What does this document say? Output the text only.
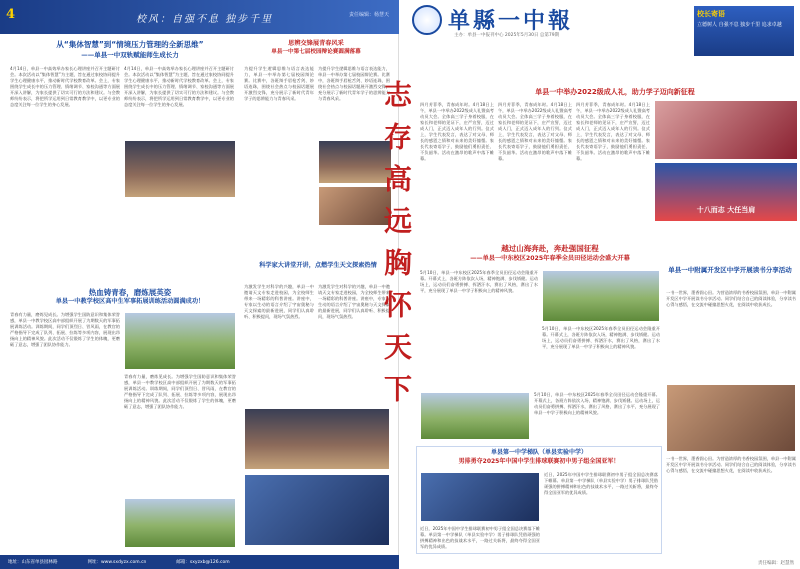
4	校风：自强不息 独步千里	责任编辑：杨慧天
从“集体智慧”到“情境压力管理的全新思维”
——单县一中双轨赋能师生成长力
4月14日，单县一中高效举办家长心理讲座并召开主题研讨会。本次活动以“集体智慧”为主题，旨在通过家校协同提升学生心理健康水平，推动新时代学校教育改革。会上，专家围绕学生成长中的压力管理、情绪调节、家校沟通等方面展开深入讲解，为家长提供了切实可行的方法和建议。与会教师纷纷表示，将把所学运用到日常教育教学中，以更专业的态度关注每一位学生的身心发展。
4月14日，单县一中高效举办家长心理讲座并召开主题研讨会。本次活动以“集体智慧”为主题，旨在通过家校协同提升学生心理健康水平，推动新时代学校教育改革。会上，专家围绕学生成长中的压力管理、情绪调节、家校沟通等方面展开深入讲解，为家长提供了切实可行的方法和建议。与会教师纷纷表示，将把所学运用到日常教育教学中，以更专业的态度关注每一位学生的身心发展。
思辨交锋展青春风采
单县一中第七届校园辩论赛圆满落幕
为提升学生逻辑思维与语言表达能力，单县一中举办第七届校园辩论赛。比赛中，各班辩手唇枪舌剑、妙语连珠，围绕社会热点与校园话题展开激烈交锋，充分展示了新时代青年学子的思辨能力与青春风采。
为提升学生逻辑思维与语言表达能力，单县一中举办第七届校园辩论赛。比赛中，各班辩手唇枪舌剑、妙语连珠，围绕社会热点与校园话题展开激烈交锋，充分展示了新时代青年学子的思辨能力与青春风采。
热血铸青春，磨炼展英姿
单县一中教学校区高中生军事拓展训练活动圆满成功！
青春有力量，磨炼见成长。为增强学生国防意识和集体荣誉感，单县一中教学校区高中部组织开展了为期数天的军事拓展训练活动。训练期间，同学们顶烈日、冒风雨，在教官的严格指导下完成了队列、拓展、拉练等多项内容，展现出昂扬向上的精神风貌。此次活动不仅锻炼了学生的体魄，更磨砺了意志，增强了团队协作能力。
青春有力量，磨炼见成长。为增强学生国防意识和集体荣誉感，单县一中教学校区高中部组织开展了为期数天的军事拓展训练活动。训练期间，同学们顶烈日、冒风雨，在教官的严格指导下完成了队列、拓展、拉练等多项内容，展现出昂扬向上的精神风貌。此次活动不仅锻炼了学生的体魄，更磨砺了意志，增强了团队协作能力。
科学家大讲堂开讲，点燃学生天文探索热情
为激发学生对科学的兴趣，单县一中邀请天文专家走进校园，为全校师生带来一场精彩的科普讲座。讲座中，专家以生动的语言介绍了宇宙奥秘与天文探索的最新进展，同学们认真聆听、积极提问，现场气氛热烈。
为激发学生对科学的兴趣，单县一中邀请天文专家走进校园，为全校师生带来一场精彩的科普讲座。讲座中，专家以生动的语言介绍了宇宙奥秘与天文探索的最新进展，同学们认真聆听、积极提问，现场气氛热烈。
地址：山东省单县园林路	网址：www.sxdyzx.com.cn	邮箱：sxyzxb@126.com
单縣一中報
主办：单县一中报刊中心 2025年5月30日 总第79期
校长寄语
立德树人 自强不息 独步千里 追求卓越
志存高远胸怀天下	单县一中举办2022级成人礼，助力学子迈向新征程
四月芳菲季，青春成年时。4月18日上午，单县一中举办2022级成人礼暨高考动员大会。全体高三学子身着校服，在家长和老师的见证下，庄严宣誓，迈过成人门，正式迈入成年人的行列。仪式上，学生代表发言，表达了对父母、师长的感恩之情和对未来的美好憧憬。家长代表寄语学子，鼓励他们勇担责任、不负韶华。活动在激昂的歌声中落下帷幕。
四月芳菲季，青春成年时。4月18日上午，单县一中举办2022级成人礼暨高考动员大会。全体高三学子身着校服，在家长和老师的见证下，庄严宣誓，迈过成人门，正式迈入成年人的行列。仪式上，学生代表发言，表达了对父母、师长的感恩之情和对未来的美好憧憬。家长代表寄语学子，鼓励他们勇担责任、不负韶华。活动在激昂的歌声中落下帷幕。
四月芳菲季，青春成年时。4月18日上午，单县一中举办2022级成人礼暨高考动员大会。全体高三学子身着校服，在家长和老师的见证下，庄严宣誓，迈过成人门，正式迈入成年人的行列。仪式上，学生代表发言，表达了对父母、师长的感恩之情和对未来的美好憧憬。家长代表寄语学子，鼓励他们勇担责任、不负韶华。活动在激昂的歌声中落下帷幕。
十八而志 大任当肩
越过山海奔赴，奔赴强国征程
——单县一中东校区2025年春季全员田径运动会盛大开幕
5月10日，单县一中东校区2025年春季全员田径运动会隆重开幕。开幕式上，各班方阵依次入场，精神饱满、步伐矫健。运动场上，运动员们奋勇拼搏、挥洒汗水，赛出了风格，赛出了水平，充分展现了单县一中学子积极向上的精神风貌。
5月10日，单县一中东校区2025年春季全员田径运动会隆重开幕。开幕式上，各班方阵依次入场，精神饱满、步伐矫健。运动场上，运动员们奋勇拼搏、挥洒汗水，赛出了风格，赛出了水平，充分展现了单县一中学子积极向上的精神风貌。
5月10日，单县一中东校区2025年春季全员田径运动会隆重开幕。开幕式上，各班方阵依次入场，精神饱满、步伐矫健。运动场上，运动员们奋勇拼搏、挥洒汗水，赛出了风格，赛出了水平，充分展现了单县一中学子积极向上的精神风貌。
单县一中附属开发区中学开展读书分享活动
一书一世界，墨香润心田。为营造浓厚的书香校园氛围，单县一中附属开发区中学开展读书分享活动。同学们结合自己的阅读体验，分享读书心得与感悟，在交流中碰撞思想火花，在阅读中收获成长。
一书一世界，墨香润心田。为营造浓厚的书香校园氛围，单县一中附属开发区中学开展读书分享活动。同学们结合自己的阅读体验，分享读书心得与感悟，在交流中碰撞思想火花，在阅读中收获成长。
单县第一中学梯队（单县实验中学）
男排勇夺2025年中国中学生排球联赛初中男子组全国亚军！
近日，2025年中国中学生排球联赛初中男子组全国总决赛落下帷幕。单县第一中学梯队（单县实验中学）男子排球队凭借顽强的拼搏精神和出色的技战术水平，一路过关斩将，最终夺得全国亚军的优异成绩。
近日，2025年中国中学生排球联赛初中男子组全国总决赛落下帷幕。单县第一中学梯队（单县实验中学）男子排球队凭借顽强的拼搏精神和出色的技战术水平，一路过关斩将，最终夺得全国亚军的优异成绩。
责任编辑：赵慧然
